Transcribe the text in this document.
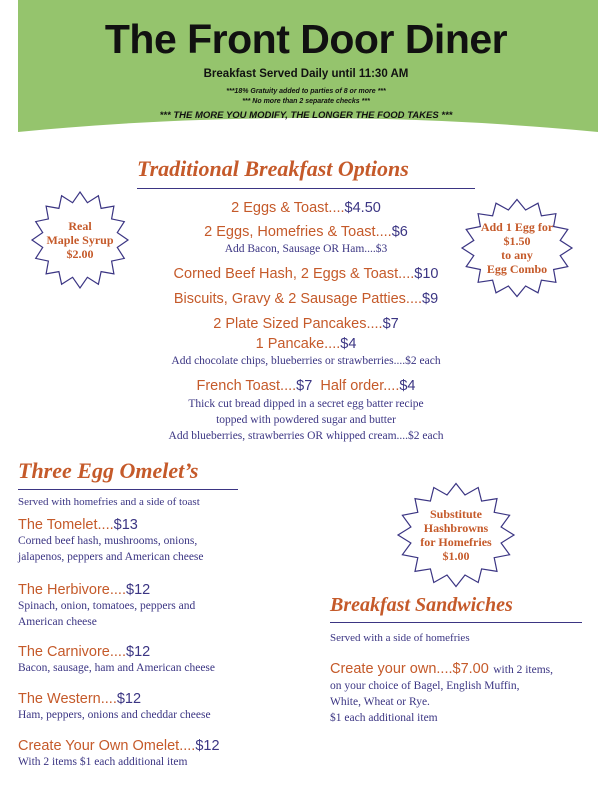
The Front Door Diner
Breakfast Served Daily until 11:30 AM
***18% Gratuity added to parties of 8 or more ***
*** No more than 2 separate checks ***
*** THE MORE YOU MODIFY, THE LONGER THE FOOD TAKES ***
Traditional Breakfast Options
2 Eggs & Toast....$4.50
2 Eggs, Homefries & Toast....$6
Add Bacon, Sausage OR Ham....$3
Corned Beef Hash, 2 Eggs & Toast....$10
Biscuits, Gravy & 2 Sausage Patties....$9
2 Plate Sized Pancakes....$7
1 Pancake....$4
Add chocolate chips, blueberries or strawberries....$2 each
French Toast....$7 Half order....$4
Thick cut bread dipped in a secret egg batter recipe
topped with powdered sugar and butter
Add blueberries, strawberries OR whipped cream....$2 each
Real
Maple Syrup
$2.00
Add 1 Egg for
$1.50
to any
Egg Combo
Substitute
Hashbrowns
for Homefries
$1.00
Three Egg Omelet’s
Served with homefries and a side of toast
The Tomelet....$13
Corned beef hash, mushrooms, onions,
jalapenos, peppers and American cheese
The Herbivore....$12
Spinach, onion, tomatoes, peppers and
American cheese
The Carnivore....$12
Bacon, sausage, ham and American cheese
The Western....$12
Ham, peppers, onions and cheddar cheese
Create Your Own Omelet....$12
With 2 items $1 each additional item
Breakfast Sandwiches
Served with a side of homefries
Create your own....$7.00 with 2 items,
on your choice of Bagel, English Muffin,
White, Wheat or Rye.
$1 each additional item
